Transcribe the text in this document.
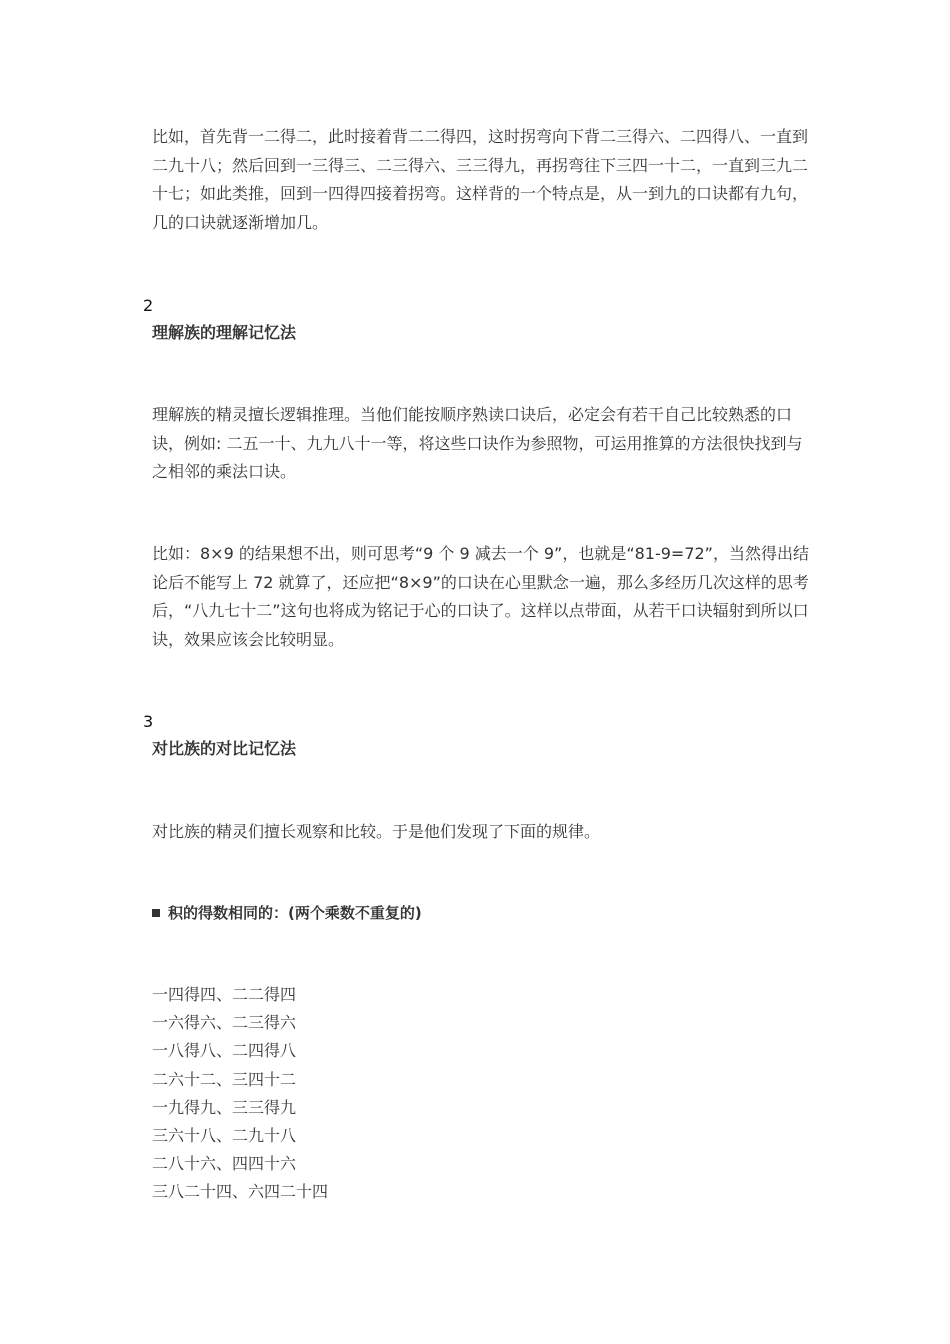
比如，首先背一二得二，此时接着背二二得四，这时拐弯向下背二三得六、二四得八、一直到二九十八；然后回到一三得三、二三得六、三三得九，再拐弯往下三四一十二，一直到三九二十七；如此类推，回到一四得四接着拐弯。这样背的一个特点是，从一到九的口诀都有九句，几的口诀就逐渐增加几。

2
理解族的理解记忆法

理解族的精灵擅长逻辑推理。当他们能按顺序熟读口诀后，必定会有若干自己比较熟悉的口诀，例如: 二五一十、九九八十一等，将这些口诀作为参照物，可运用推算的方法很快找到与之相邻的乘法口诀。

比如：8×9 的结果想不出，则可思考“9 个 9 减去一个 9”，也就是“81-9=72”，当然得出结论后不能写上 72 就算了，还应把“8×9”的口诀在心里默念一遍，那么多经历几次这样的思考后，“八九七十二”这句也将成为铭记于心的口诀了。这样以点带面，从若干口诀辐射到所以口诀，效果应该会比较明显。

3
对比族的对比记忆法

对比族的精灵们擅长观察和比较。于是他们发现了下面的规律。

积的得数相同的：(两个乘数不重复的)
一四得四、二二得四
一六得六、二三得六
一八得八、二四得八
二六十二、三四十二
一九得九、三三得九
三六十八、二九十八
二八十六、四四十六
三八二十四、六四二十四
